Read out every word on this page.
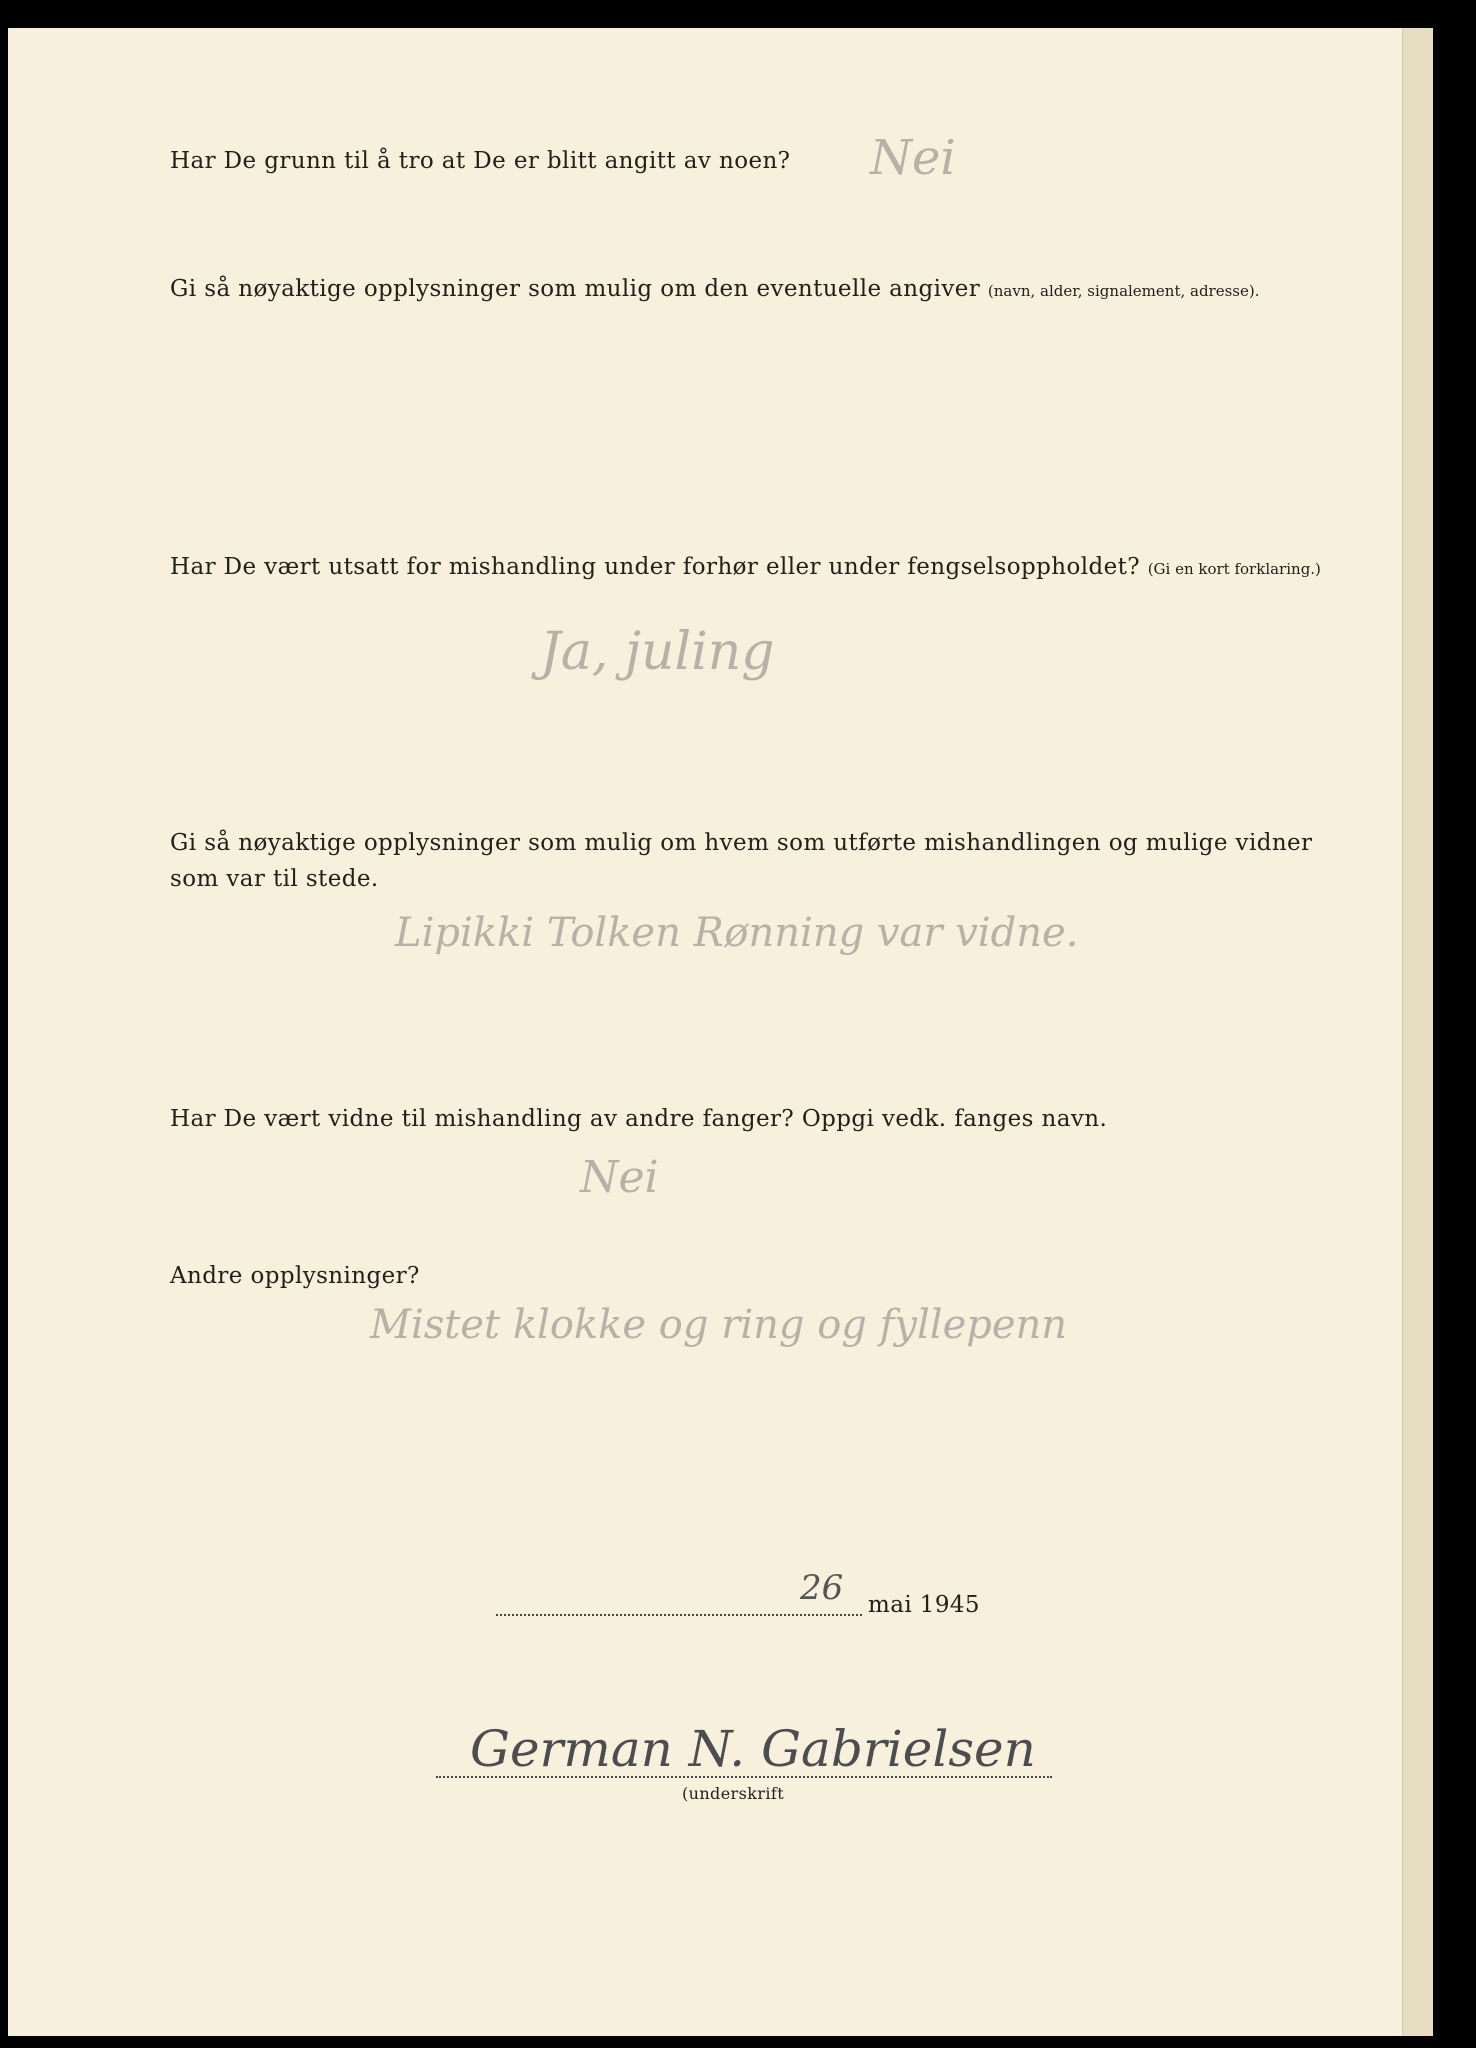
Har De grunn til å tro at De er blitt angitt av noen? Nei

Gi så nøyaktige opplysninger som mulig om den eventuelle angiver (navn, alder, signalement, adresse).

Har De vært utsatt for mishandling under forhør eller under fengselsoppholdet? (Gi en kort forklaring.)

Ja, juling

Gi så nøyaktige opplysninger som mulig om hvem som utførte mishandlingen og mulige vidner

som var til stede.

Lipikki Tolken Rønning var vidne.

Har De vært vidne til mishandling av andre fanger? Oppgi vedk. fanges navn.

Nei

Andre opplysninger?

Mistet klokke og ring og fyllepenn

26 mai 1945

German N. Gabrielsen

(underskrift
